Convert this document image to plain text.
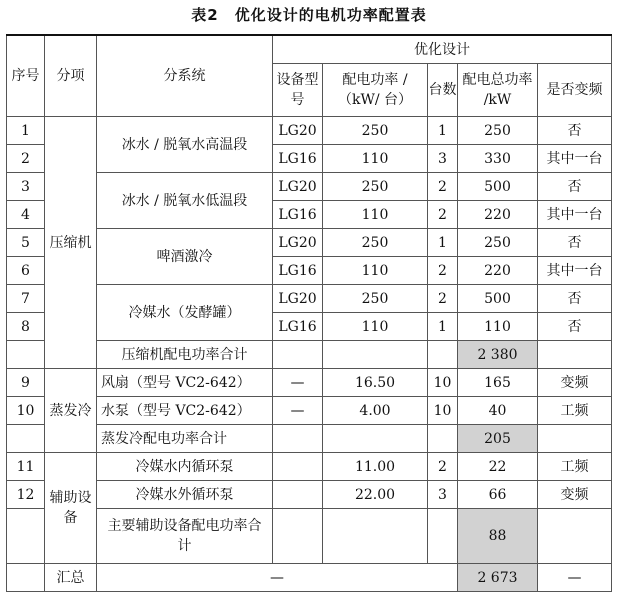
表2　优化设计的电机功率配置表
序号	分项	分系统	优化设计				
			设备型号	配电功率 /（kW/ 台）	台数	配电总功率 /kW	是否变频
1	压缩机	冰水 / 脱氧水高温段	LG20	250	1	250	否
2			LG16	110	3	330	其中一台
3		冰水 / 脱氧水低温段	LG20	250	2	500	否
4			LG16	110	2	220	其中一台
5		啤酒激冷	LG20	250	1	250	否
6			LG16	110	2	220	其中一台
7		冷媒水（发酵罐）	LG20	250	2	500	否
8			LG16	110	1	110	否
		压缩机配电功率合计				2 380	
9	蒸发冷	风扇（型号 VC2-642）	—	16.50	10	165	变频
10		水泵（型号 VC2-642）	—	4.00	10	40	工频
		蒸发冷配电功率合计				205	
11	辅助设备	冷媒水内循环泵		11.00	2	22	工频
12		冷媒水外循环泵		22.00	3	66	变频
		主要辅助设备配电功率合计				88	
	汇总	—				2 673	—
